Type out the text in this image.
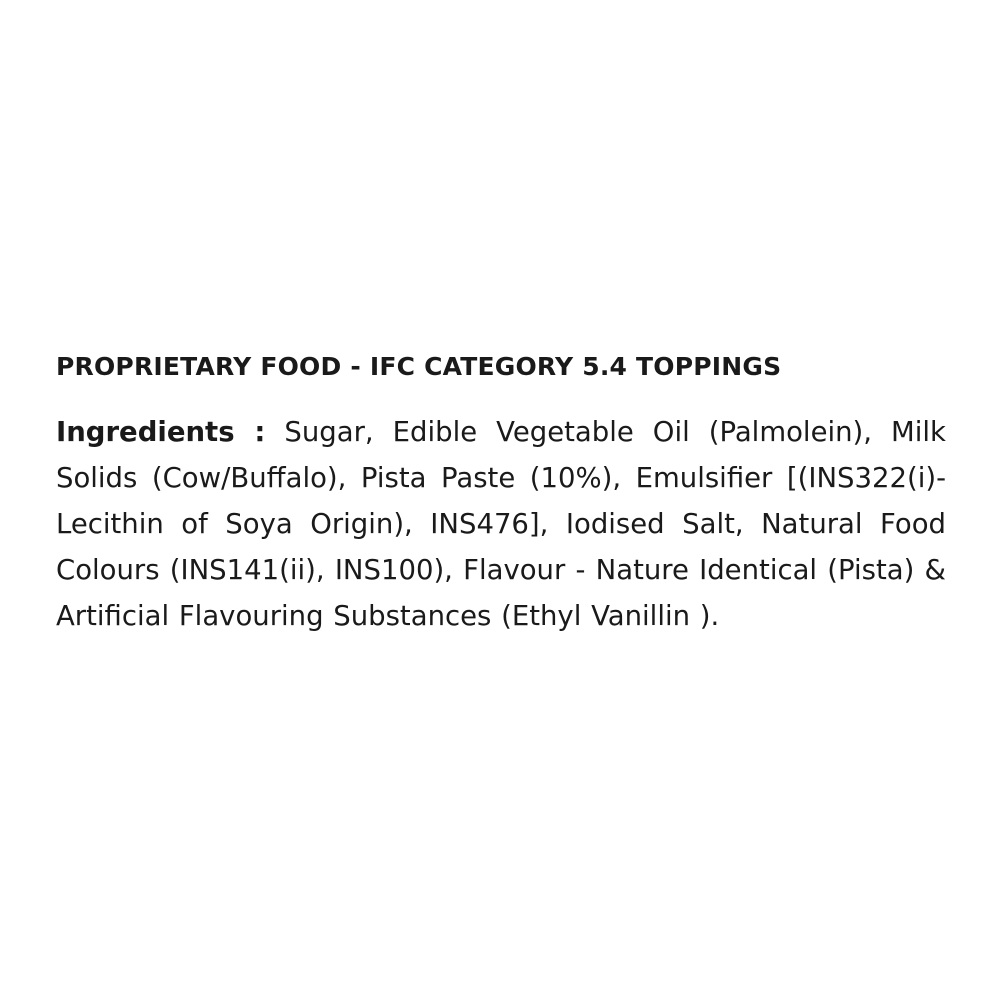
PROPRIETARY FOOD - IFC CATEGORY 5.4 TOPPINGS

Ingredients : Sugar, Edible Vegetable Oil (Palmolein), Milk Solids (Cow/Buffalo), Pista Paste (10%), Emulsifier [(INS322(i)-Lecithin of Soya Origin), INS476], Iodised Salt, Natural Food Colours (INS141(ii), INS100), Flavour - Nature Identical (Pista) & Artificial Flavouring Substances (Ethyl Vanillin ).
